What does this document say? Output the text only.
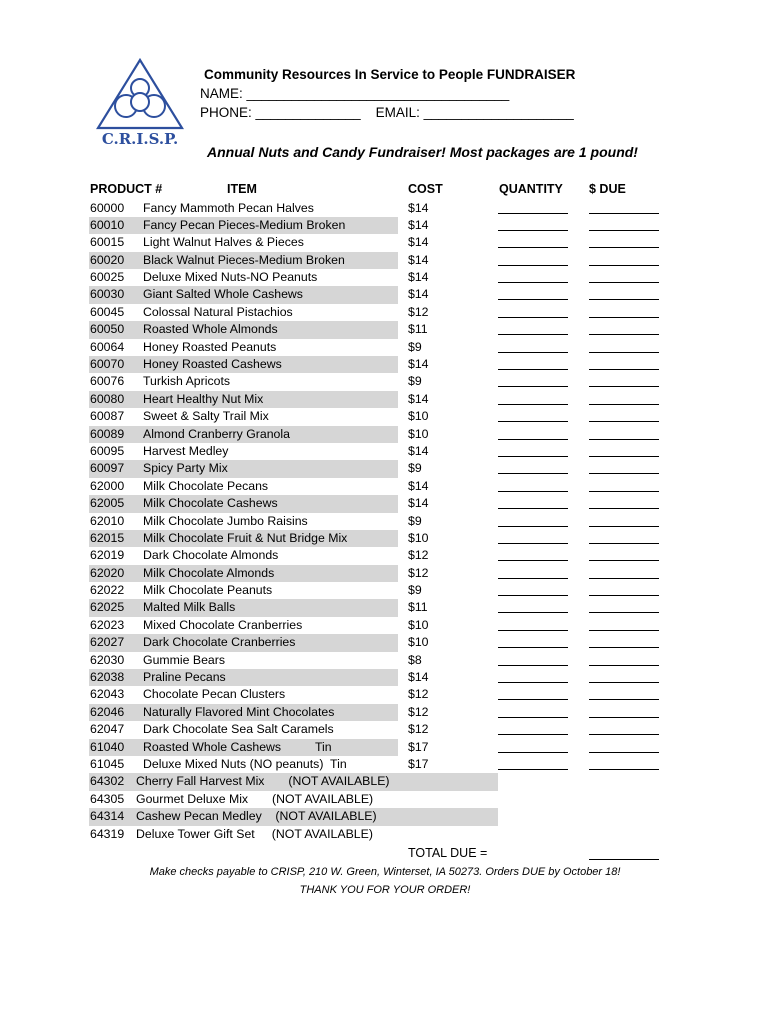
C.R.I.S.P.
Community Resources In Service to People FUNDRAISER
NAME: ___________________________________
PHONE: ______________ EMAIL: ____________________
Annual Nuts and Candy Fundraiser! Most packages are 1 pound!
PRODUCT #	ITEM	COST	QUANTITY $ DUE
60000 Fancy Mammoth Pecan Halves	$14
60010 Fancy Pecan Pieces-Medium Broken	$14
60015 Light Walnut Halves & Pieces	$14
60020 Black Walnut Pieces-Medium Broken	$14
60025 Deluxe Mixed Nuts-NO Peanuts	$14
60030 Giant Salted Whole Cashews	$14
60045 Colossal Natural Pistachios	$12
60050 Roasted Whole Almonds	$11
60064 Honey Roasted Peanuts	$9
60070 Honey Roasted Cashews	$14
60076 Turkish Apricots	$9
60080 Heart Healthy Nut Mix	$14
60087 Sweet & Salty Trail Mix	$10
60089 Almond Cranberry Granola	$10
60095 Harvest Medley	$14
60097 Spicy Party Mix	$9
62000 Milk Chocolate Pecans	$14
62005 Milk Chocolate Cashews	$14
62010 Milk Chocolate Jumbo Raisins	$9
62015 Milk Chocolate Fruit & Nut Bridge Mix	$10
62019 Dark Chocolate Almonds	$12
62020 Milk Chocolate Almonds	$12
62022 Milk Chocolate Peanuts	$9
62025 Malted Milk Balls	$11
62023 Mixed Chocolate Cranberries	$10
62027 Dark Chocolate Cranberries	$10
62030 Gummie Bears	$8
62038 Praline Pecans	$14
62043 Chocolate Pecan Clusters	$12
62046 Naturally Flavored Mint Chocolates	$12
62047 Dark Chocolate Sea Salt Caramels	$12
61040 Roasted Whole Cashews          Tin	$17
61045 Deluxe Mixed Nuts (NO peanuts)  Tin	$17
64302 Cherry Fall Harvest Mix       (NOT AVAILABLE)
64305 Gourmet Deluxe Mix       (NOT AVAILABLE)
64314 Cashew Pecan Medley    (NOT AVAILABLE)
64319 Deluxe Tower Gift Set     (NOT AVAILABLE)
TOTAL DUE =
Make checks payable to CRISP, 210 W. Green, Winterset, IA 50273. Orders DUE by October 18!
THANK YOU FOR YOUR ORDER!
